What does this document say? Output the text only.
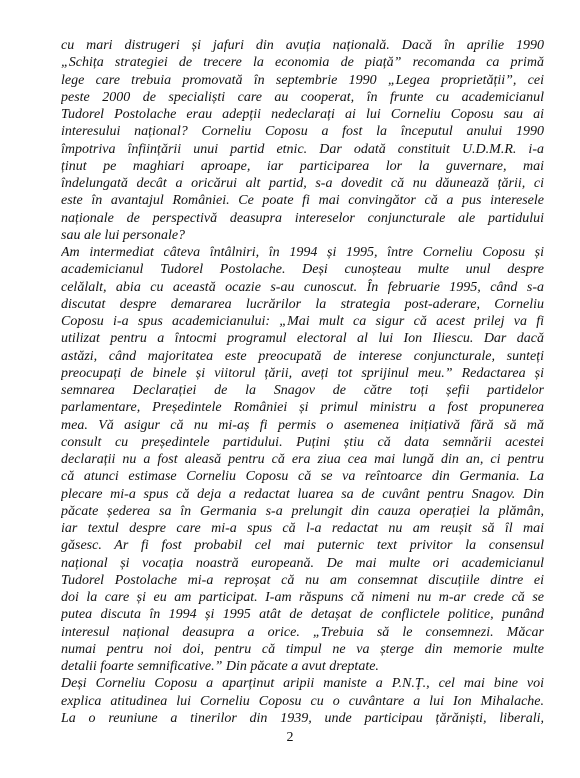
cu mari distrugeri și jafuri din avuția națională. Dacă în aprilie 1990
„Schița strategiei de trecere la economia de piață” recomanda ca primă
lege care trebuia promovată în septembrie 1990 „Legea proprietății”, cei
peste 2000 de specialiști care au cooperat, în frunte cu academicianul
Tudorel Postolache erau adepții nedeclarați ai lui Corneliu Coposu sau ai
interesului național? Corneliu Coposu a fost la începutul anului 1990
împotriva înființării unui partid etnic. Dar odată constituit U.D.M.R. i-a
ținut pe maghiari aproape, iar participarea lor la guvernare, mai
îndelungată decât a oricărui alt partid, s-a dovedit că nu dăunează țării, ci
este în avantajul României. Ce poate fi mai convingător că a pus interesele
naționale de perspectivă deasupra intereselor conjuncturale ale partidului
sau ale lui personale?
Am intermediat câteva întâlniri, în 1994 și 1995, între Corneliu Coposu și
academicianul Tudorel Postolache. Deși cunoșteau multe unul despre
celălalt, abia cu această ocazie s-au cunoscut. În februarie 1995, când s-a
discutat despre demararea lucrărilor la strategia post-aderare, Corneliu
Coposu i-a spus academicianului: „Mai mult ca sigur că acest prilej va fi
utilizat pentru a întocmi programul electoral al lui Ion Iliescu. Dar dacă
astăzi, când majoritatea este preocupată de interese conjuncturale, sunteți
preocupați de binele și viitorul țării, aveți tot sprijinul meu.” Redactarea și
semnarea Declarației de la Snagov de către toți șefii partidelor
parlamentare, Președintele României și primul ministru a fost propunerea
mea. Vă asigur că nu mi-aș fi permis o asemenea inițiativă fără să mă
consult cu președintele partidului. Puțini știu că data semnării acestei
declarații nu a fost aleasă pentru că era ziua cea mai lungă din an, ci pentru
că atunci estimase Corneliu Coposu că se va reîntoarce din Germania. La
plecare mi-a spus că deja a redactat luarea sa de cuvânt pentru Snagov. Din
păcate șederea sa în Germania s-a prelungit din cauza operației la plămân,
iar textul despre care mi-a spus că l-a redactat nu am reușit să îl mai
găsesc. Ar fi fost probabil cel mai puternic text privitor la consensul
național și vocația noastră europeană. De mai multe ori academicianul
Tudorel Postolache mi-a reproșat că nu am consemnat discuțiile dintre ei
doi la care și eu am participat. I-am răspuns că nimeni nu m-ar crede că se
putea discuta în 1994 și 1995 atât de detașat de conflictele politice, punând
interesul național deasupra a orice. „Trebuia să le consemnezi. Măcar
numai pentru noi doi, pentru că timpul ne va șterge din memorie multe
detalii foarte semnificative.” Din păcate a avut dreptate.
Deși Corneliu Coposu a aparținut aripii maniste a P.N.Ț., cel mai bine voi
explica atitudinea lui Corneliu Coposu cu o cuvântare a lui Ion Mihalache.
La o reuniune a tinerilor din 1939, unde participau țărăniști, liberali,
2
